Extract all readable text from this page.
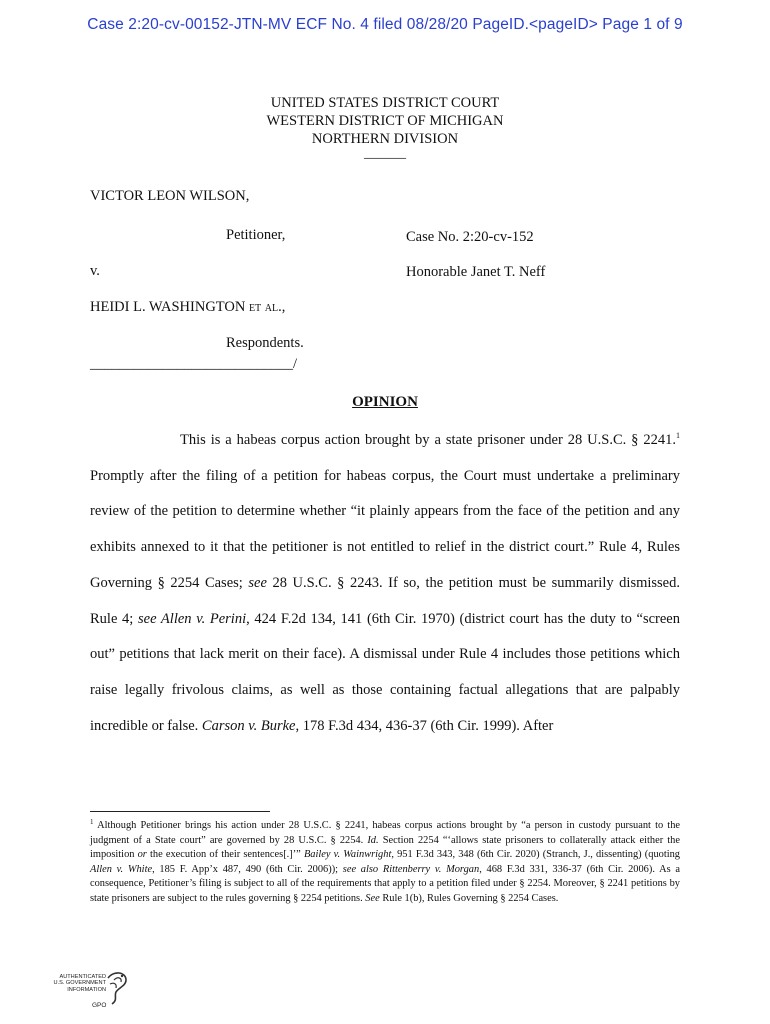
Case 2:20-cv-00152-JTN-MV ECF No. 4 filed 08/28/20 PageID.<pageID> Page 1 of 9
UNITED STATES DISTRICT COURT
WESTERN DISTRICT OF MICHIGAN
NORTHERN DIVISION
______
VICTOR LEON WILSON,
Petitioner,	Case No. 2:20-cv-152
v.	Honorable Janet T. Neff
HEIDI L. WASHINGTON et al.,
Respondents.
____________________________/
OPINION

This is a habeas corpus action brought by a state prisoner under 28 U.S.C. § 2241.$^1$ Promptly after the filing of a petition for habeas corpus, the Court must undertake a preliminary review of the petition to determine whether “it plainly appears from the face of the petition and any exhibits annexed to it that the petitioner is not entitled to relief in the district court.” Rule 4, Rules Governing § 2254 Cases; see 28 U.S.C. § 2243. If so, the petition must be summarily dismissed. Rule 4; see Allen v. Perini, 424 F.2d 134, 141 (6th Cir. 1970) (district court has the duty to “screen out” petitions that lack merit on their face). A dismissal under Rule 4 includes those petitions which raise legally frivolous claims, as well as those containing factual allegations that are palpably incredible or false. Carson v. Burke, 178 F.3d 434, 436-37 (6th Cir. 1999). After

$^1$ Although Petitioner brings his action under 28 U.S.C. § 2241, habeas corpus actions brought by “a person in custody pursuant to the judgment of a State court” are governed by 28 U.S.C. § 2254. Id. Section 2254 “‘allows state prisoners to collaterally attack either the imposition or the execution of their sentences[.]’” Bailey v. Wainwright, 951 F.3d 343, 348 (6th Cir. 2020) (Stranch, J., dissenting) (quoting Allen v. White, 185 F. App’x 487, 490 (6th Cir. 2006)); see also Rittenberry v. Morgan, 468 F.3d 331, 336-37 (6th Cir. 2006). As a consequence, Petitioner’s filing is subject to all of the requirements that apply to a petition filed under § 2254. Moreover, § 2241 petitions by state prisoners are subject to the rules governing § 2254 petitions. See Rule 1(b), Rules Governing § 2254 Cases.

AUTHENTICATED
U.S. GOVERNMENT
INFORMATION
GPO
